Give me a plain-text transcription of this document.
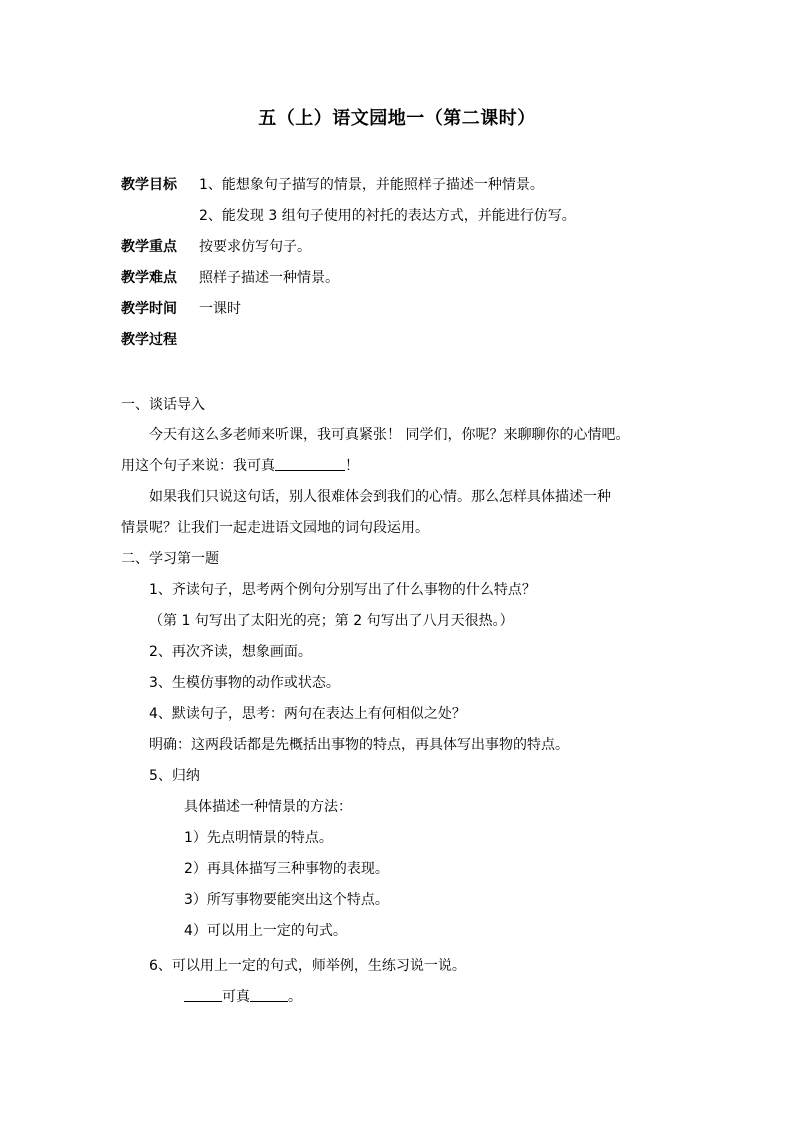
五（上）语文园地一（第二课时）
教学目标 1、能想象句子描写的情景，并能照样子描述一种情景。
2、能发现 3 组句子使用的衬托的表达方式，并能进行仿写。
教学重点 按要求仿写句子。
教学难点 照样子描述一种情景。
教学时间 一课时
教学过程
一、谈话导入
今天有这么多老师来听课，我可真紧张！ 同学们，你呢？来聊聊你的心情吧。
用这个句子来说：我可真	！
如果我们只说这句话，别人很难体会到我们的心情。那么怎样具体描述一种
情景呢？让我们一起走进语文园地的词句段运用。
二、学习第一题
1、齐读句子，思考两个例句分别写出了什么事物的什么特点？
（第 1 句写出了太阳光的亮；第 2 句写出了八月天很热。）
2、再次齐读，想象画面。
3、生模仿事物的动作或状态。
4、默读句子，思考：两句在表达上有何相似之处？
明确：这两段话都是先概括出事物的特点，再具体写出事物的特点。
5、归纳
具体描述一种情景的方法：
1）先点明情景的特点。
2）再具体描写三种事物的表现。
3）所写事物要能突出这个特点。
4）可以用上一定的句式。
6、可以用上一定的句式，师举例，生练习说一说。
可真	。
